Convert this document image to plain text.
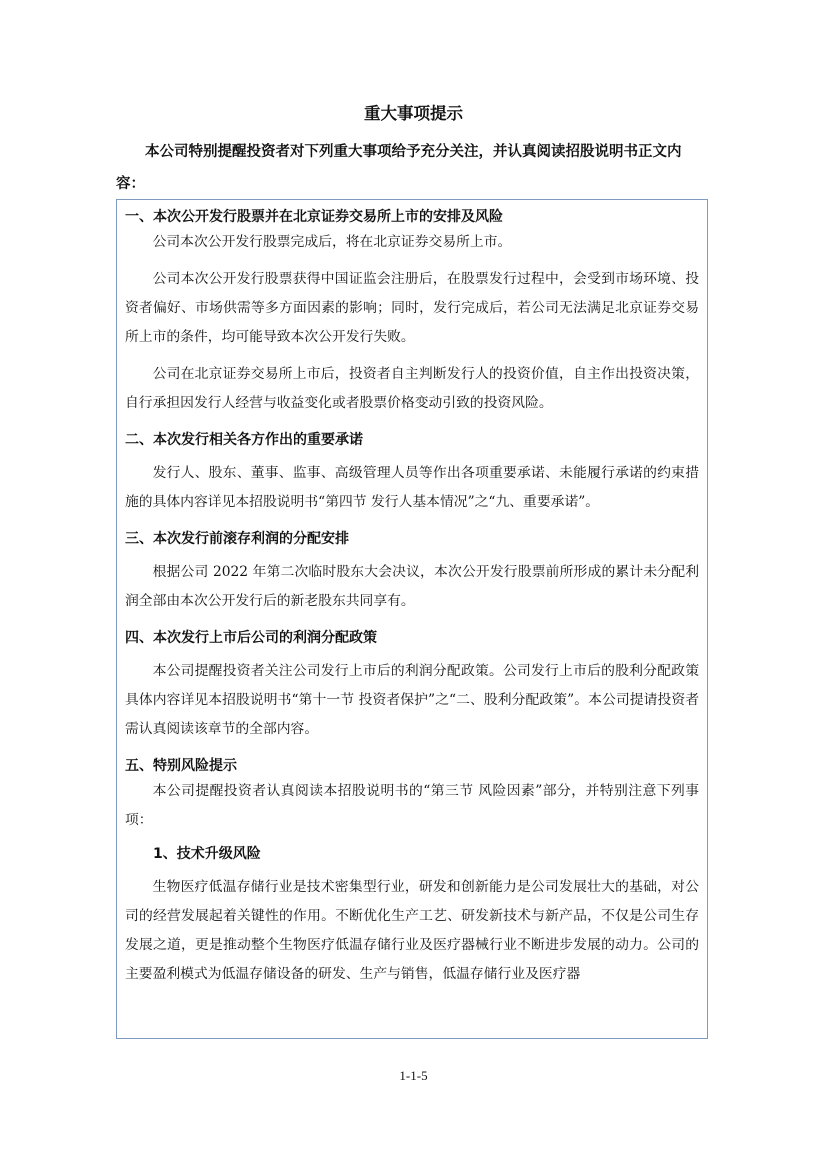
重大事项提示
本公司特别提醒投资者对下列重大事项给予充分关注，并认真阅读招股说明书正文内容：
一、本次公开发行股票并在北京证券交易所上市的安排及风险

公司本次公开发行股票完成后，将在北京证券交易所上市。

公司本次公开发行股票获得中国证监会注册后，在股票发行过程中，会受到市场环境、投资者偏好、市场供需等多方面因素的影响；同时，发行完成后，若公司无法满足北京证券交易所上市的条件，均可能导致本次公开发行失败。

公司在北京证券交易所上市后，投资者自主判断发行人的投资价值，自主作出投资决策，自行承担因发行人经营与收益变化或者股票价格变动引致的投资风险。

二、本次发行相关各方作出的重要承诺

发行人、股东、董事、监事、高级管理人员等作出各项重要承诺、未能履行承诺的约束措施的具体内容详见本招股说明书“第四节 发行人基本情况”之“九、重要承诺”。

三、本次发行前滚存利润的分配安排

根据公司 2022 年第二次临时股东大会决议，本次公开发行股票前所形成的累计未分配利润全部由本次公开发行后的新老股东共同享有。

四、本次发行上市后公司的利润分配政策

本公司提醒投资者关注公司发行上市后的利润分配政策。公司发行上市后的股利分配政策具体内容详见本招股说明书“第十一节 投资者保护”之“二、股利分配政策”。本公司提请投资者需认真阅读该章节的全部内容。

五、特别风险提示

本公司提醒投资者认真阅读本招股说明书的“第三节 风险因素”部分，并特别注意下列事项：

1、技术升级风险

生物医疗低温存储行业是技术密集型行业，研发和创新能力是公司发展壮大的基础，对公司的经营发展起着关键性的作用。不断优化生产工艺、研发新技术与新产品，不仅是公司生存发展之道，更是推动整个生物医疗低温存储行业及医疗器械行业不断进步发展的动力。公司的主要盈利模式为低温存储设备的研发、生产与销售，低温存储行业及医疗器

1-1-5
